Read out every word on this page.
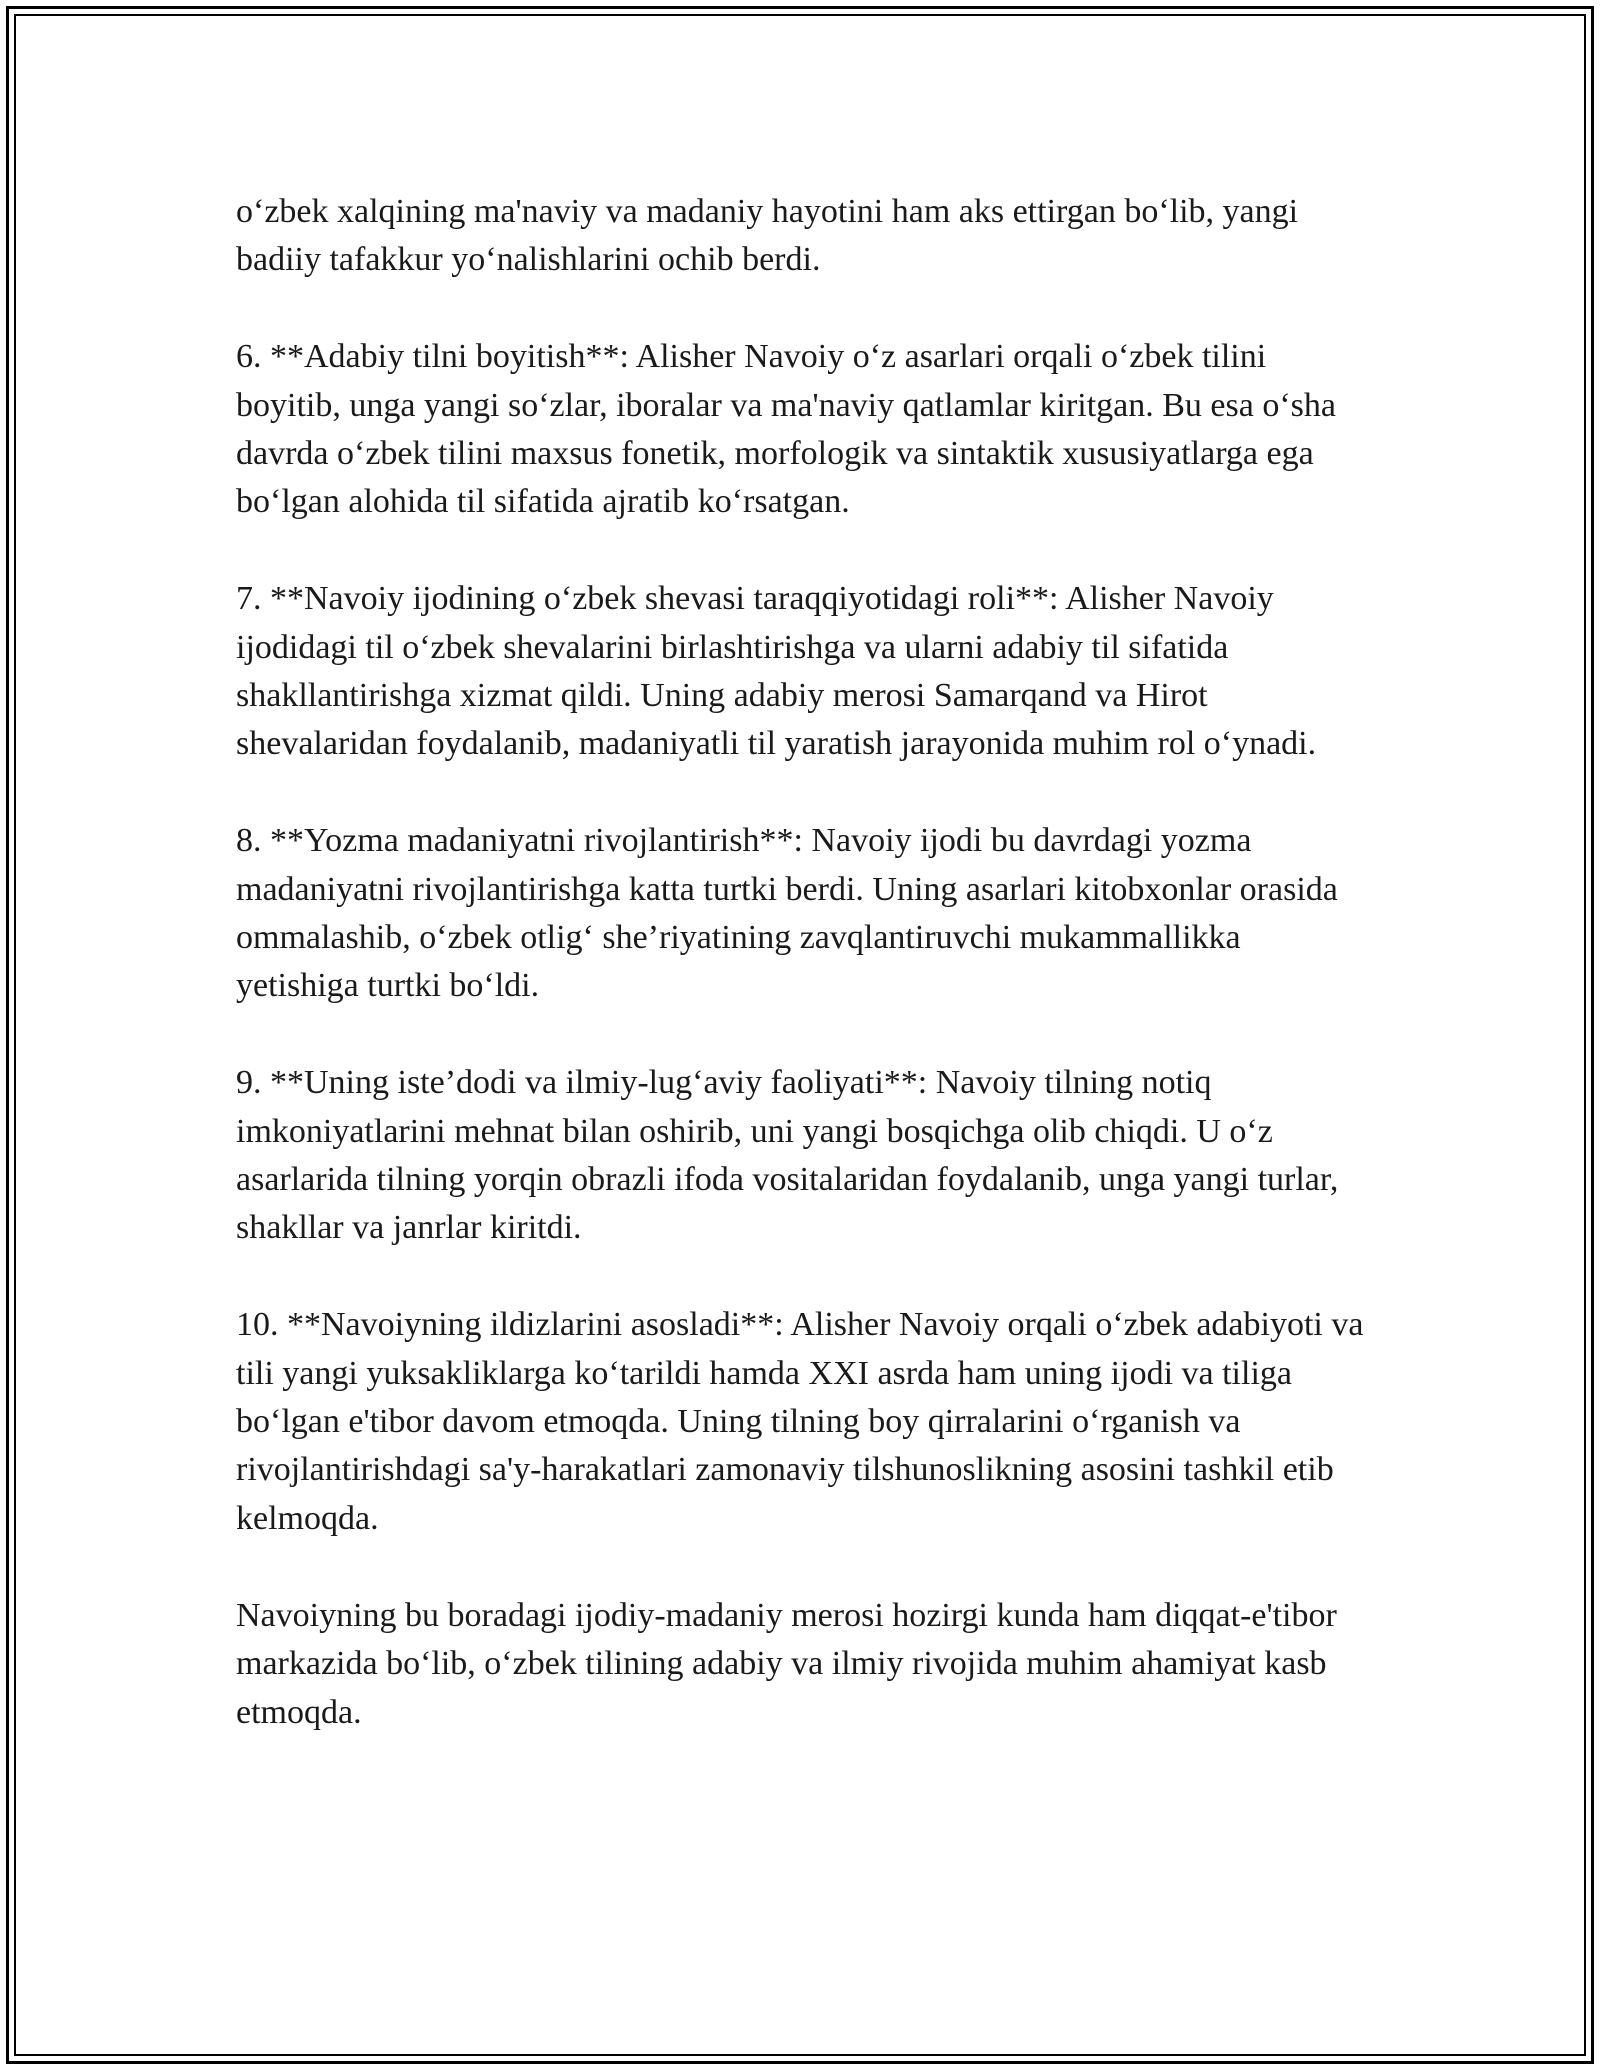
o‘zbek xalqining ma'naviy va madaniy hayotini ham aks ettirgan bo‘lib, yangi badiiy tafakkur yo‘nalishlarini ochib berdi.

6. **Adabiy tilni boyitish**: Alisher Navoiy o‘z asarlari orqali o‘zbek tilini boyitib, unga yangi so‘zlar, iboralar va ma'naviy qatlamlar kiritgan. Bu esa o‘sha davrda o‘zbek tilini maxsus fonetik, morfologik va sintaktik xususiyatlarga ega bo‘lgan alohida til sifatida ajratib ko‘rsatgan.

7. **Navoiy ijodining o‘zbek shevasi taraqqiyotidagi roli**: Alisher Navoiy ijodidagi til o‘zbek shevalarini birlashtirishga va ularni adabiy til sifatida shakllantirishga xizmat qildi. Uning adabiy merosi Samarqand va Hirot shevalaridan foydalanib, madaniyatli til yaratish jarayonida muhim rol o‘ynadi.

8. **Yozma madaniyatni rivojlantirish**: Navoiy ijodi bu davrdagi yozma madaniyatni rivojlantirishga katta turtki berdi. Uning asarlari kitobxonlar orasida ommalashib, o‘zbek otlig‘ she’riyatining zavqlantiruvchi mukammallikka yetishiga turtki bo‘ldi.

9. **Uning iste’dodi va ilmiy-lug‘aviy faoliyati**: Navoiy tilning notiq imkoniyatlarini mehnat bilan oshirib, uni yangi bosqichga olib chiqdi. U o‘z asarlarida tilning yorqin obrazli ifoda vositalaridan foydalanib, unga yangi turlar, shakllar va janrlar kiritdi.

10. **Navoiyning ildizlarini asosladi**: Alisher Navoiy orqali o‘zbek adabiyoti va tili yangi yuksakliklarga ko‘tarildi hamda XXI asrda ham uning ijodi va tiliga bo‘lgan e'tibor davom etmoqda. Uning tilning boy qirralarini o‘rganish va rivojlantirishdagi sa'y-harakatlari zamonaviy tilshunoslikning asosini tashkil etib kelmoqda.

Navoiyning bu boradagi ijodiy-madaniy merosi hozirgi kunda ham diqqat-e'tibor markazida bo‘lib, o‘zbek tilining adabiy va ilmiy rivojida muhim ahamiyat kasb etmoqda.
